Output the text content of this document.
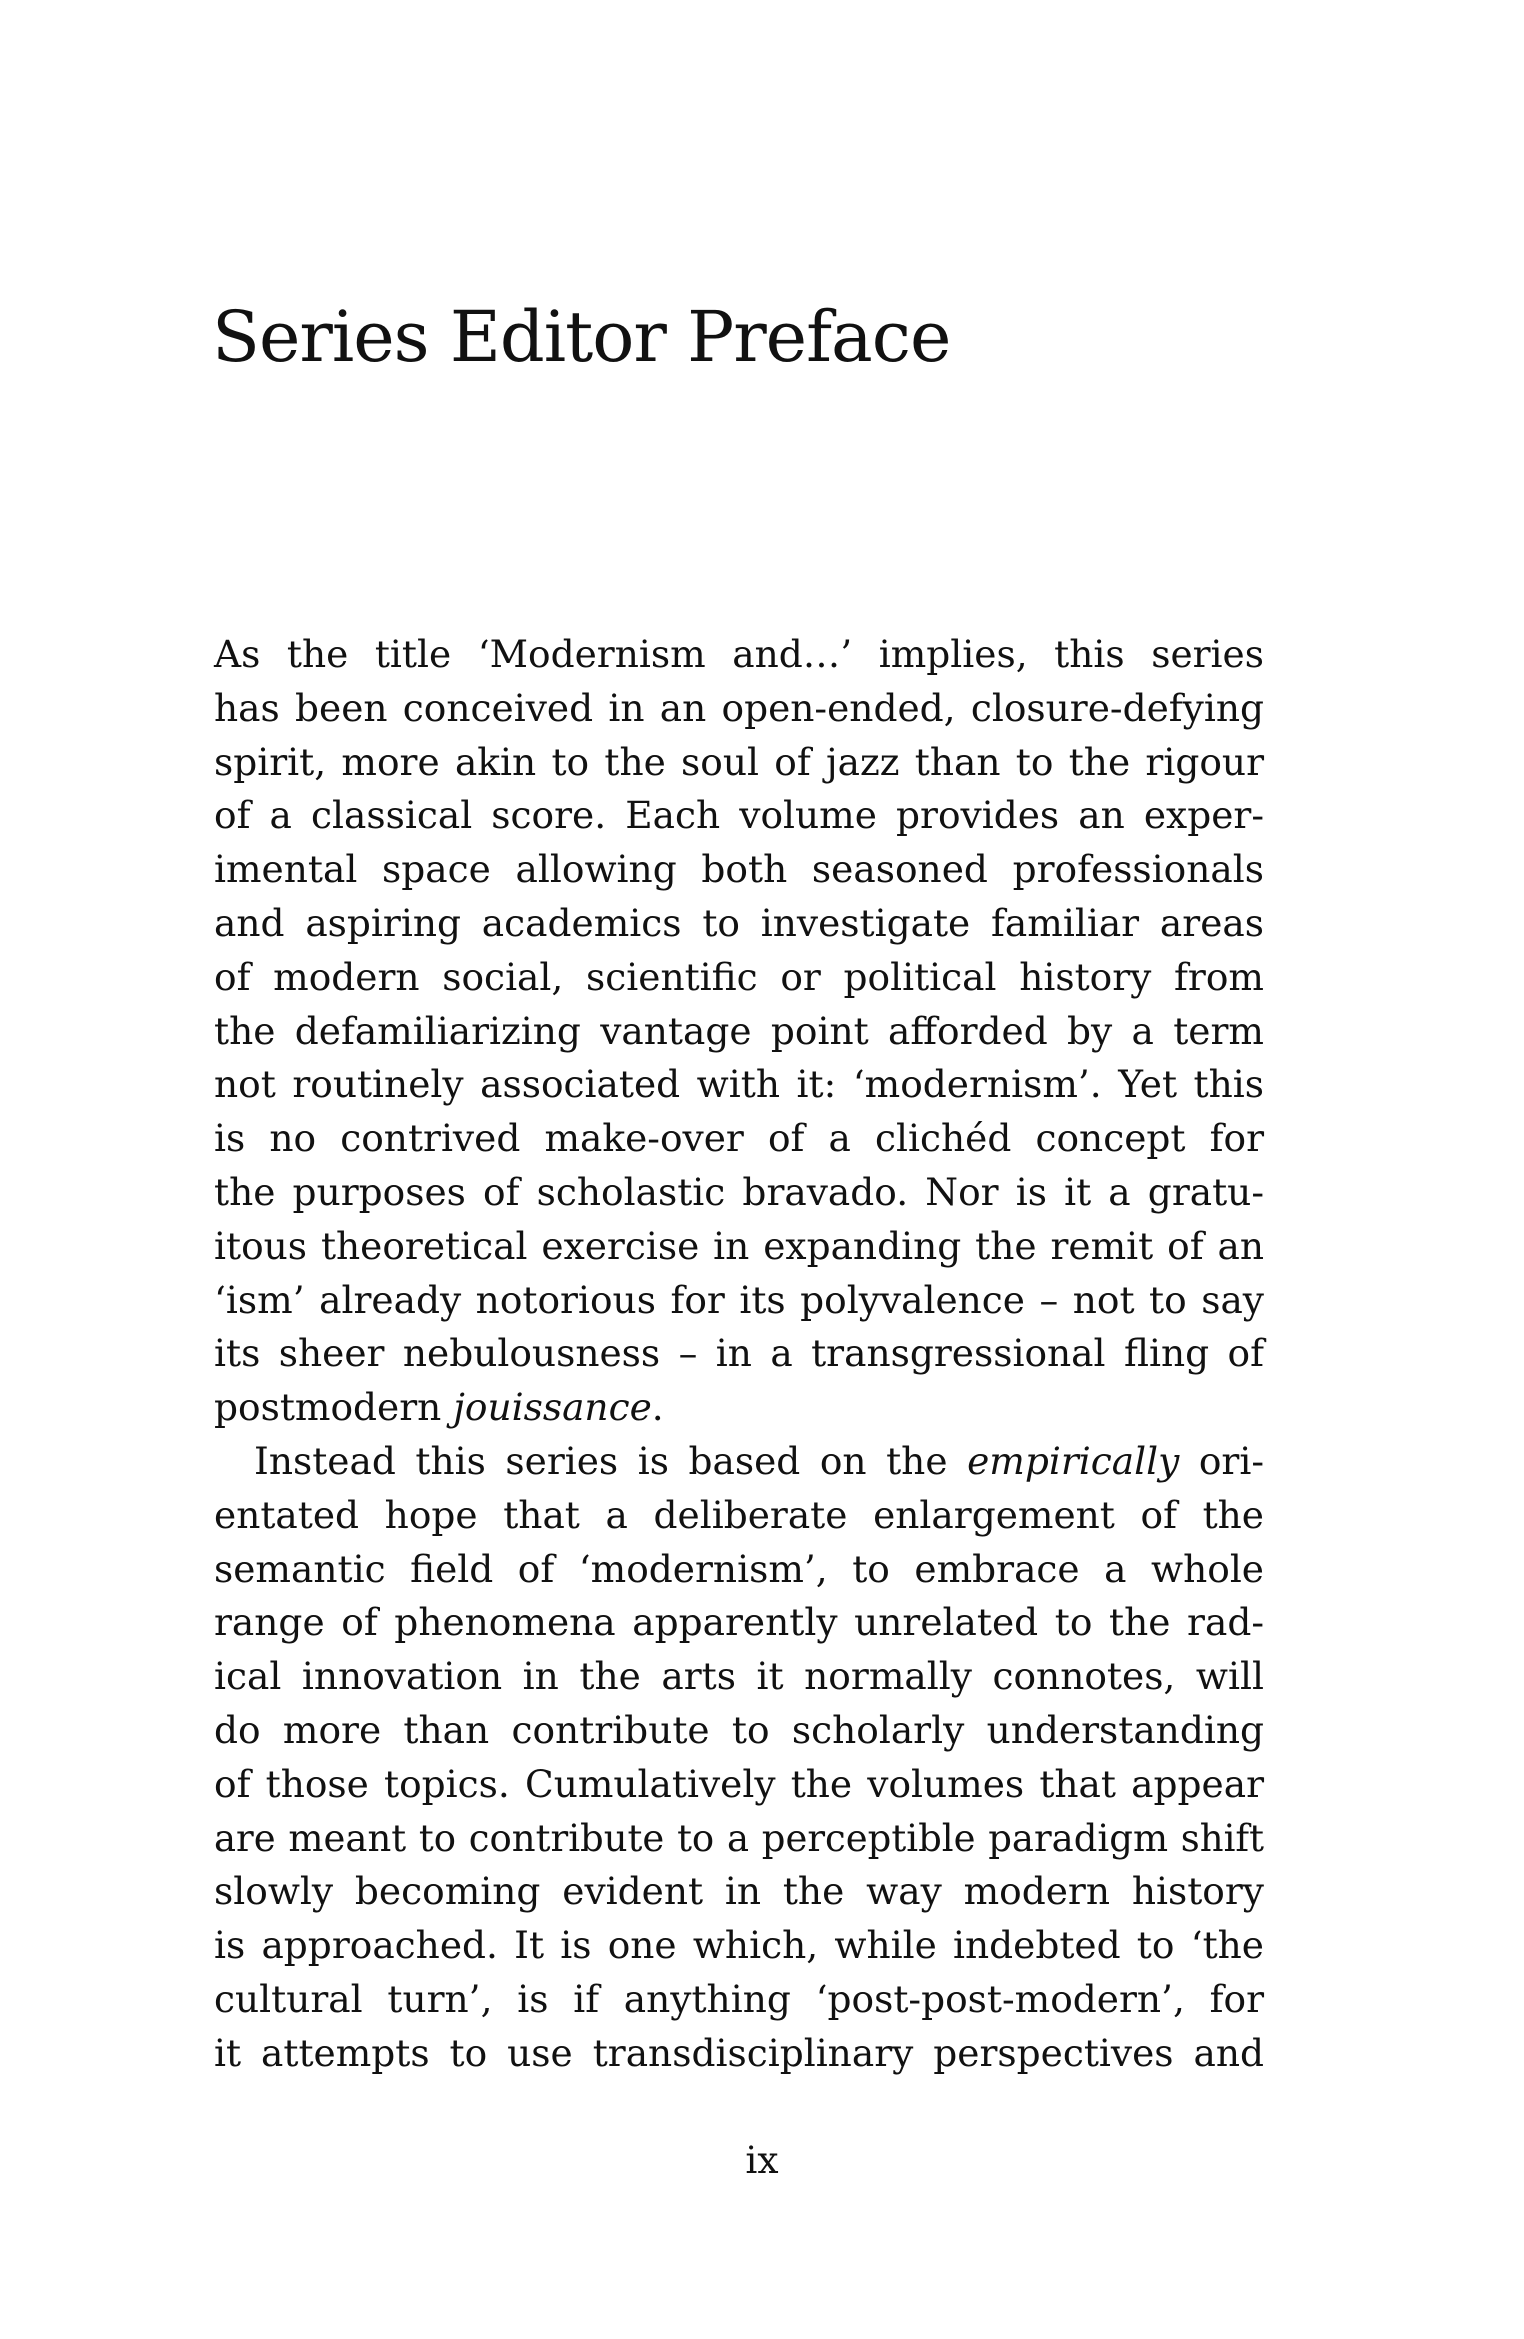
Series Editor Preface
As the title ‘Modernism and…’ implies, this series
has been conceived in an open-ended, closure-defying
spirit, more akin to the soul of jazz than to the rigour
of a classical score. Each volume provides an exper-
imental space allowing both seasoned professionals
and aspiring academics to investigate familiar areas
of modern social, scientific or political history from
the defamiliarizing vantage point afforded by a term
not routinely associated with it: ‘modernism’. Yet this
is no contrived make-over of a clichéd concept for
the purposes of scholastic bravado. Nor is it a gratu-
itous theoretical exercise in expanding the remit of an
‘ism’ already notorious for its polyvalence – not to say
its sheer nebulousness – in a transgressional fling of
postmodern jouissance.
Instead this series is based on the empirically ori-
entated hope that a deliberate enlargement of the
semantic field of ‘modernism’, to embrace a whole
range of phenomena apparently unrelated to the rad-
ical innovation in the arts it normally connotes, will
do more than contribute to scholarly understanding
of those topics. Cumulatively the volumes that appear
are meant to contribute to a perceptible paradigm shift
slowly becoming evident in the way modern history
is approached. It is one which, while indebted to ‘the
cultural turn’, is if anything ‘post-post-modern’, for
it attempts to use transdisciplinary perspectives and
ix
